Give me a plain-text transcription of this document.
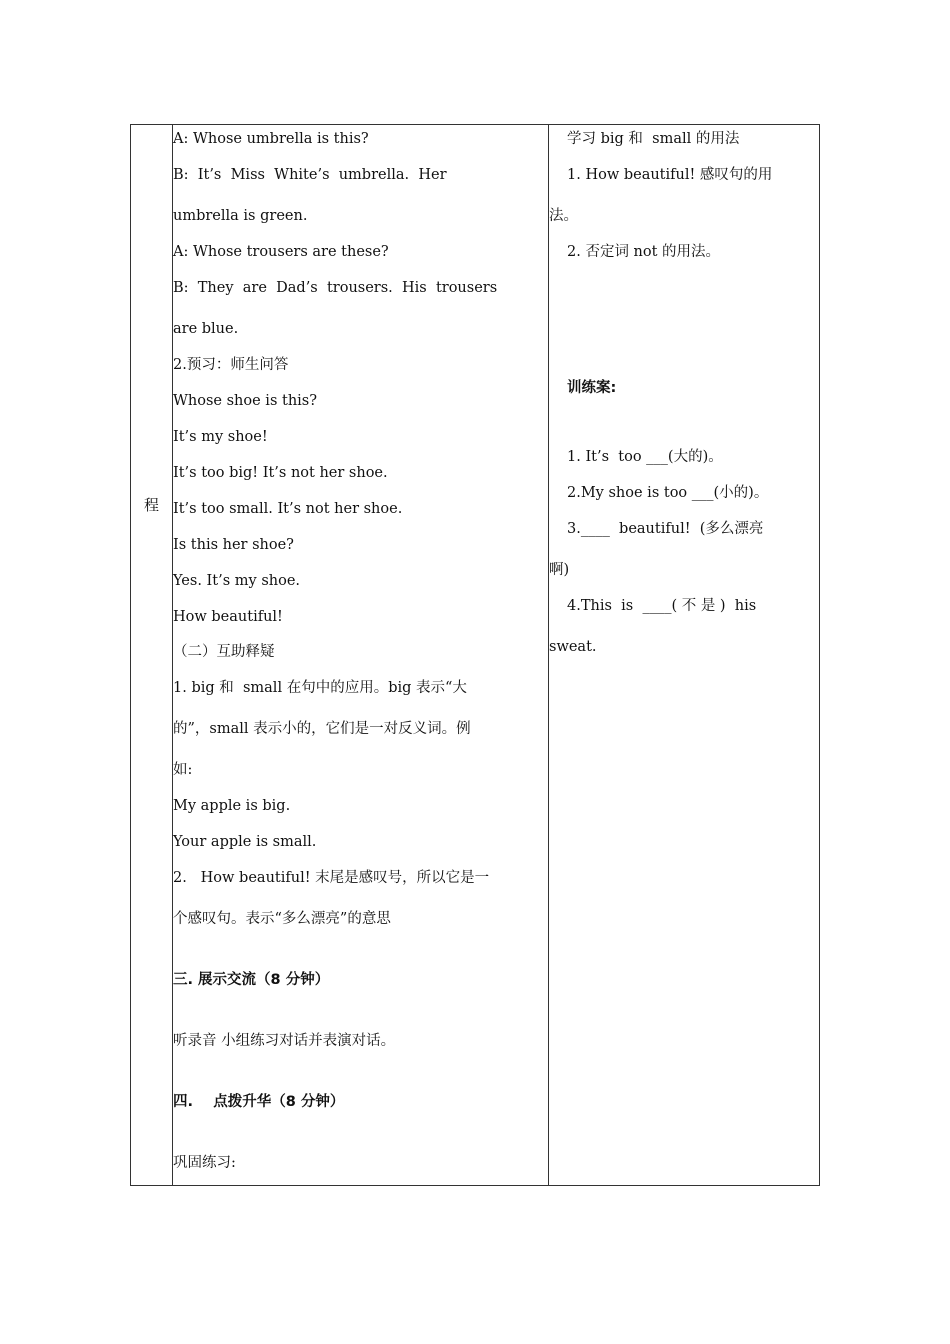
程
A: Whose umbrella is this?
B:  It’s  Miss  White’s  umbrella.  Her
umbrella is green.
A: Whose trousers are these?
B:  They  are  Dad’s  trousers.  His  trousers
are blue.
2.预习：师生问答
Whose shoe is this?
It’s my shoe!
It’s too big! It’s not her shoe.
It’s too small. It’s not her shoe.
Is this her shoe?
Yes. It’s my shoe.
How beautiful!
（二）互助释疑
1. big 和  small 在句中的应用。big 表示“大
的”，small 表示小的，它们是一对反义词。例
如:
My apple is big.
Your apple is small.
2.   How beautiful! 末尾是感叹号，所以它是一
个感叹句。表示“多么漂亮”的意思
三. 展示交流（8 分钟）
听录音 小组练习对话并表演对话。
四.    点拨升华（8 分钟）
巩固练习:
学习 big 和  small 的用法
1. How beautiful! 感叹句的用
法。
2. 否定词 not 的用法。
训练案:
1. It’s  too ___(大的)。
2.My shoe is too ___(小的)。
3.____  beautiful!  (多么漂亮
啊)
4.This  is  ____( 不 是 )  his
sweat.
